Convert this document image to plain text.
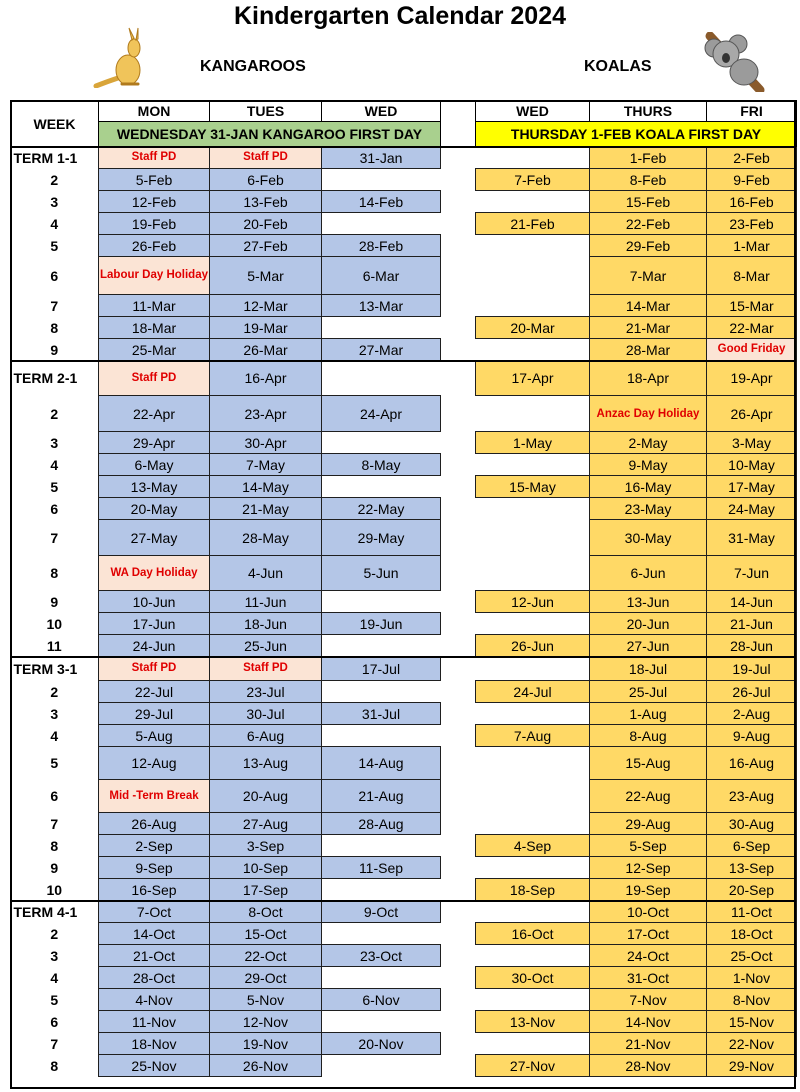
Kindergarten Calendar 2024
KANGAROOS	KOALAS
WEEK	MON	TUES	WED		WED	THURS	FRI
	WEDNESDAY 31-JAN KANGAROO FIRST DAY				THURSDAY 1-FEB KOALA FIRST DAY		
TERM 1-1	Staff PD	Staff PD	31-Jan			1-Feb	2-Feb
2	5-Feb	6-Feb			7-Feb	8-Feb	9-Feb
3	12-Feb	13-Feb	14-Feb			15-Feb	16-Feb
4	19-Feb	20-Feb			21-Feb	22-Feb	23-Feb
5	26-Feb	27-Feb	28-Feb			29-Feb	1-Mar
6	Labour Day Holiday	5-Mar	6-Mar			7-Mar	8-Mar
7	11-Mar	12-Mar	13-Mar			14-Mar	15-Mar
8	18-Mar	19-Mar			20-Mar	21-Mar	22-Mar
9	25-Mar	26-Mar	27-Mar			28-Mar	Good Friday
TERM 2-1	Staff PD	16-Apr			17-Apr	18-Apr	19-Apr
2	22-Apr	23-Apr	24-Apr			Anzac Day Holiday	26-Apr
3	29-Apr	30-Apr			1-May	2-May	3-May
4	6-May	7-May	8-May			9-May	10-May
5	13-May	14-May			15-May	16-May	17-May
6	20-May	21-May	22-May			23-May	24-May
7	27-May	28-May	29-May			30-May	31-May
8	WA Day Holiday	4-Jun	5-Jun			6-Jun	7-Jun
9	10-Jun	11-Jun			12-Jun	13-Jun	14-Jun
10	17-Jun	18-Jun	19-Jun			20-Jun	21-Jun
11	24-Jun	25-Jun			26-Jun	27-Jun	28-Jun
TERM 3-1	Staff PD	Staff PD	17-Jul			18-Jul	19-Jul
2	22-Jul	23-Jul			24-Jul	25-Jul	26-Jul
3	29-Jul	30-Jul	31-Jul			1-Aug	2-Aug
4	5-Aug	6-Aug			7-Aug	8-Aug	9-Aug
5	12-Aug	13-Aug	14-Aug			15-Aug	16-Aug
6	Mid -Term Break	20-Aug	21-Aug			22-Aug	23-Aug
7	26-Aug	27-Aug	28-Aug			29-Aug	30-Aug
8	2-Sep	3-Sep			4-Sep	5-Sep	6-Sep
9	9-Sep	10-Sep	11-Sep			12-Sep	13-Sep
10	16-Sep	17-Sep			18-Sep	19-Sep	20-Sep
TERM 4-1	7-Oct	8-Oct	9-Oct			10-Oct	11-Oct
2	14-Oct	15-Oct			16-Oct	17-Oct	18-Oct
3	21-Oct	22-Oct	23-Oct			24-Oct	25-Oct
4	28-Oct	29-Oct			30-Oct	31-Oct	1-Nov
5	4-Nov	5-Nov	6-Nov			7-Nov	8-Nov
6	11-Nov	12-Nov			13-Nov	14-Nov	15-Nov
7	18-Nov	19-Nov	20-Nov			21-Nov	22-Nov
8	25-Nov	26-Nov			27-Nov	28-Nov	29-Nov
